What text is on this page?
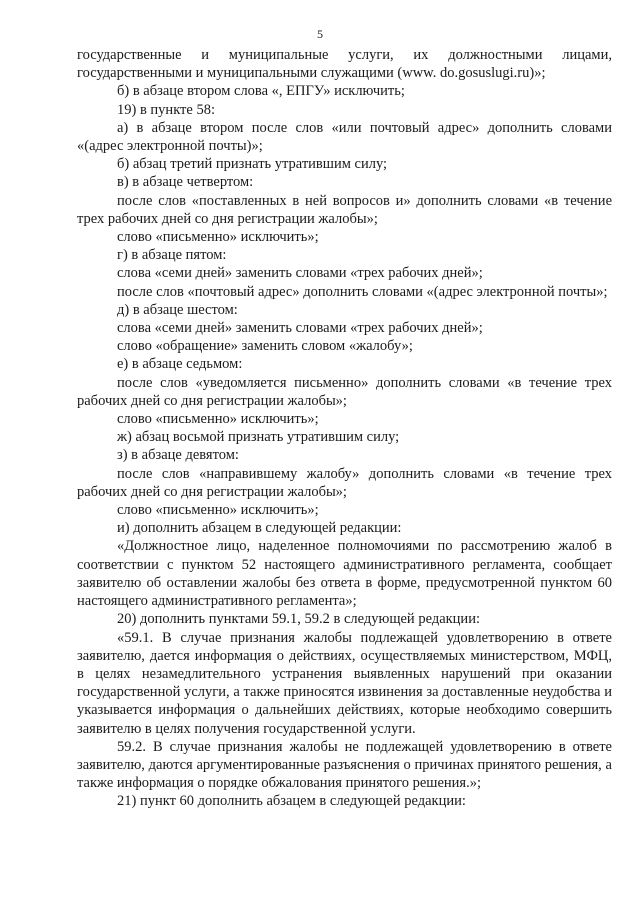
5

государственные и муниципальные услуги, их должностными лицами, государственными и муниципальными служащими (www. do.gosuslugi.ru)»;

б) в абзаце втором слова «, ЕПГУ» исключить;

19) в пункте 58:

а) в абзаце втором после слов «или почтовый адрес» дополнить словами «(адрес электронной почты)»;

б) абзац третий признать утратившим силу;

в) в абзаце четвертом:

после слов «поставленных в ней вопросов и» дополнить словами «в течение трех рабочих дней со дня регистрации жалобы»;

слово «письменно» исключить»;

г) в абзаце пятом:

слова «семи дней» заменить словами «трех рабочих дней»;

после слов «почтовый адрес» дополнить словами «(адрес электронной почты»;

д) в абзаце шестом:

слова «семи дней» заменить словами «трех рабочих дней»;

слово «обращение» заменить словом «жалобу»;

е) в абзаце седьмом:

после слов «уведомляется письменно» дополнить словами «в течение трех рабочих дней со дня регистрации жалобы»;

слово «письменно» исключить»;

ж) абзац восьмой признать утратившим силу;

з) в абзаце девятом:

после слов «направившему жалобу» дополнить словами «в течение трех рабочих дней со дня регистрации жалобы»;

слово «письменно» исключить»;

и) дополнить абзацем в следующей редакции:

«Должностное лицо, наделенное полномочиями по рассмотрению жалоб в соответствии с пунктом 52 настоящего административного регламента, сообщает заявителю об оставлении жалобы без ответа в форме, предусмотренной пунктом 60 настоящего административного регламента»;

20) дополнить пунктами 59.1, 59.2 в следующей редакции:

«59.1. В случае признания жалобы подлежащей удовлетворению в ответе заявителю, дается информация о действиях, осуществляемых министерством, МФЦ, в целях незамедлительного устранения выявленных нарушений при оказании государственной услуги, а также приносятся извинения за доставленные неудобства и указывается информация о дальнейших действиях, которые необходимо совершить заявителю в целях получения государственной услуги.

59.2. В случае признания жалобы не подлежащей удовлетворению в ответе заявителю, даются аргументированные разъяснения о причинах принятого решения, а также информация о порядке обжалования принятого решения.»;

21) пункт 60 дополнить абзацем в следующей редакции:
